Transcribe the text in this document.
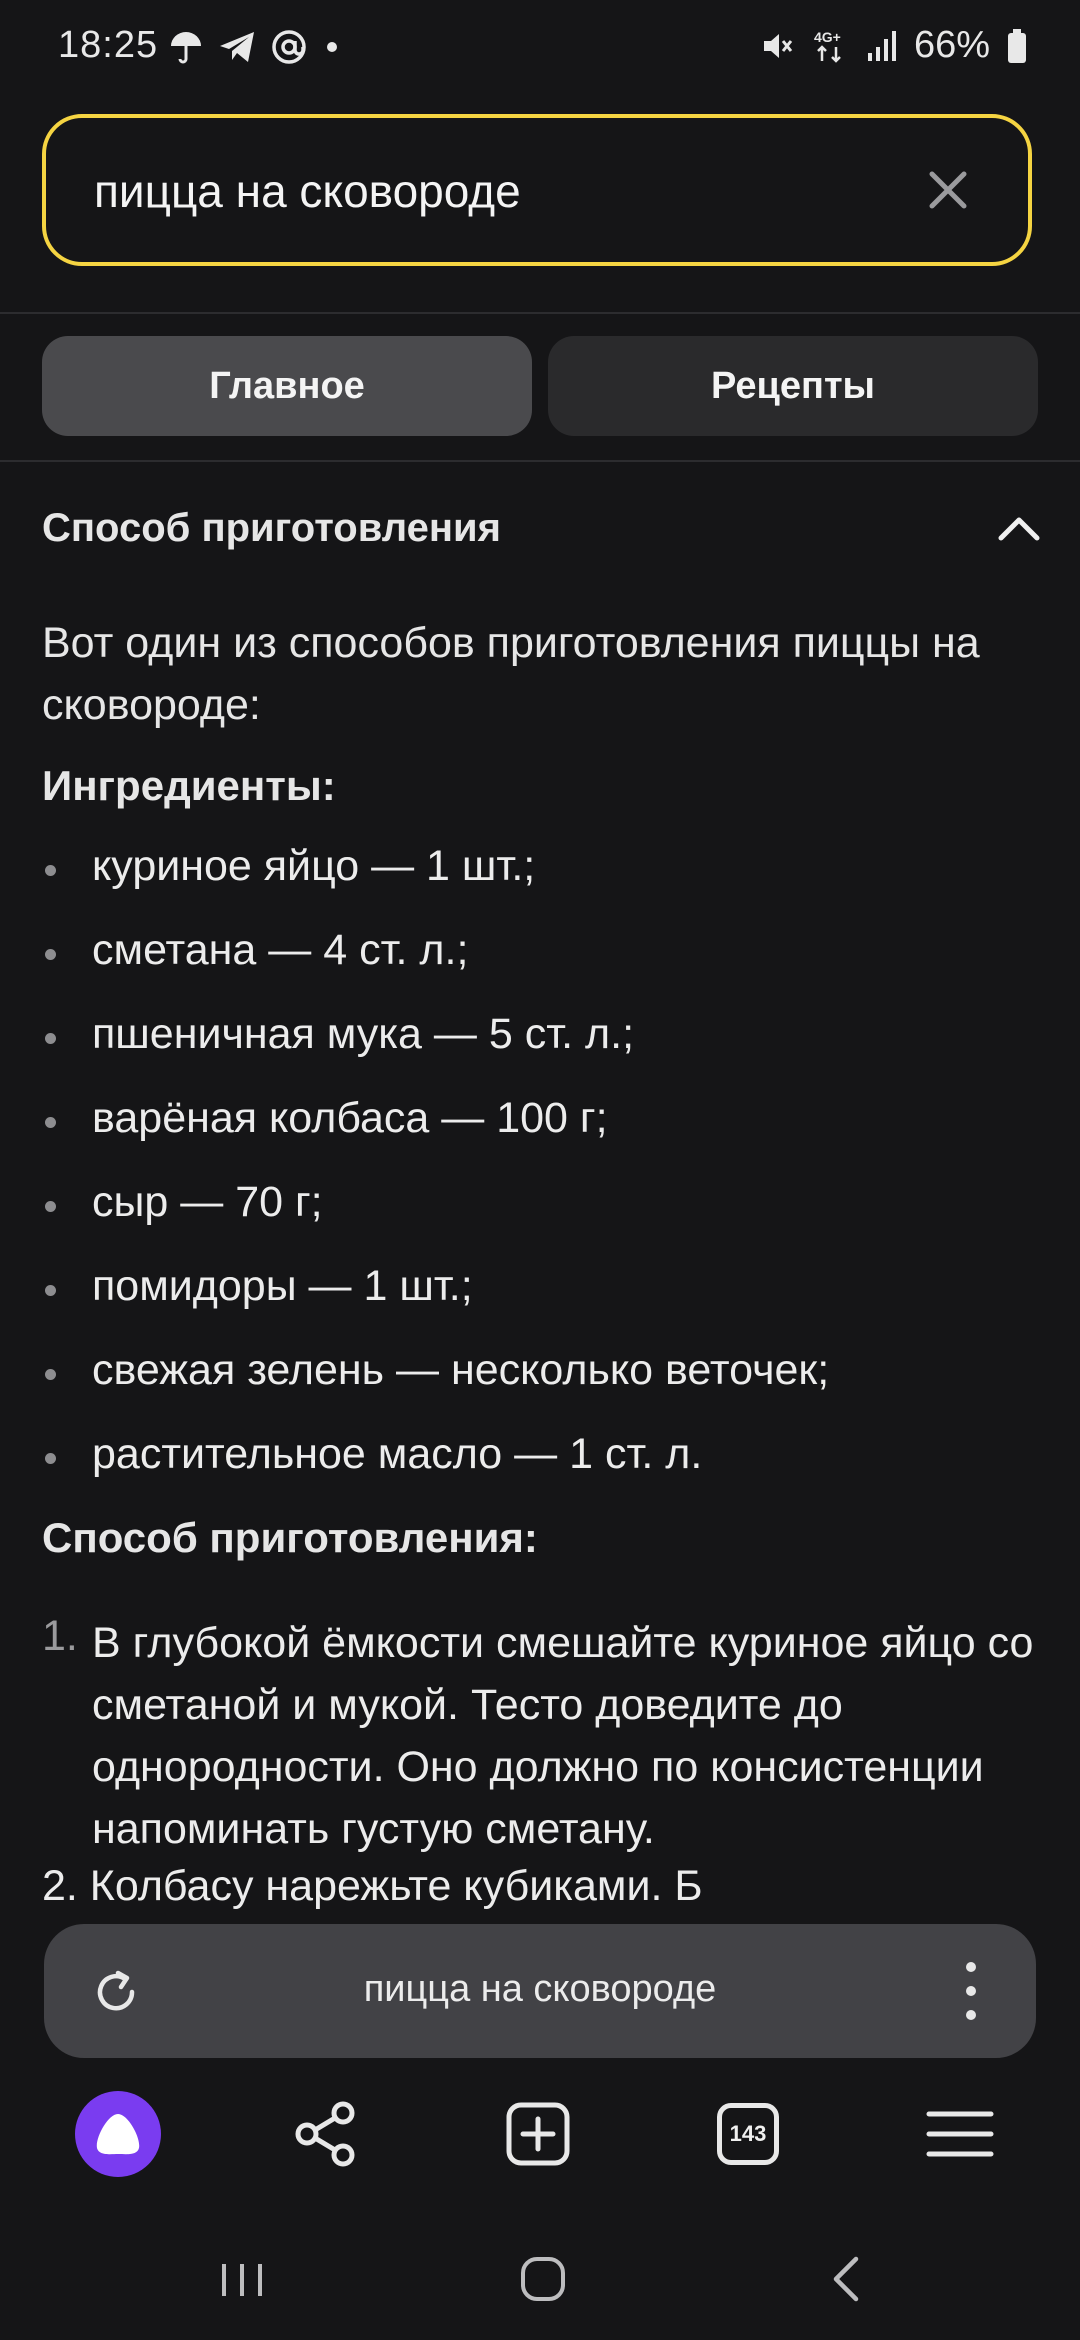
18:25	4G+ 66%
пицца на сковороде
Главное	Рецепты
Способ приготовления
Вот один из способов приготовления пиццы на сковороде:
Ингредиенты:
куриное яйцо — 1 шт.;
сметана — 4 ст. л.;
пшеничная мука — 5 ст. л.;
варёная колбаса — 100 г;
сыр — 70 г;
помидоры — 1 шт.;
свежая зелень — несколько веточек;
растительное масло — 1 ст. л.
Способ приготовления:
1. В глубокой ёмкости смешайте куриное яйцо со сметаной и мукой. Тесто доведите до однородности. Оно должно по консистенции напоминать густую сметану.
2. Колбасу нарежьте кубиками. Б
пицца на сковороде
143
